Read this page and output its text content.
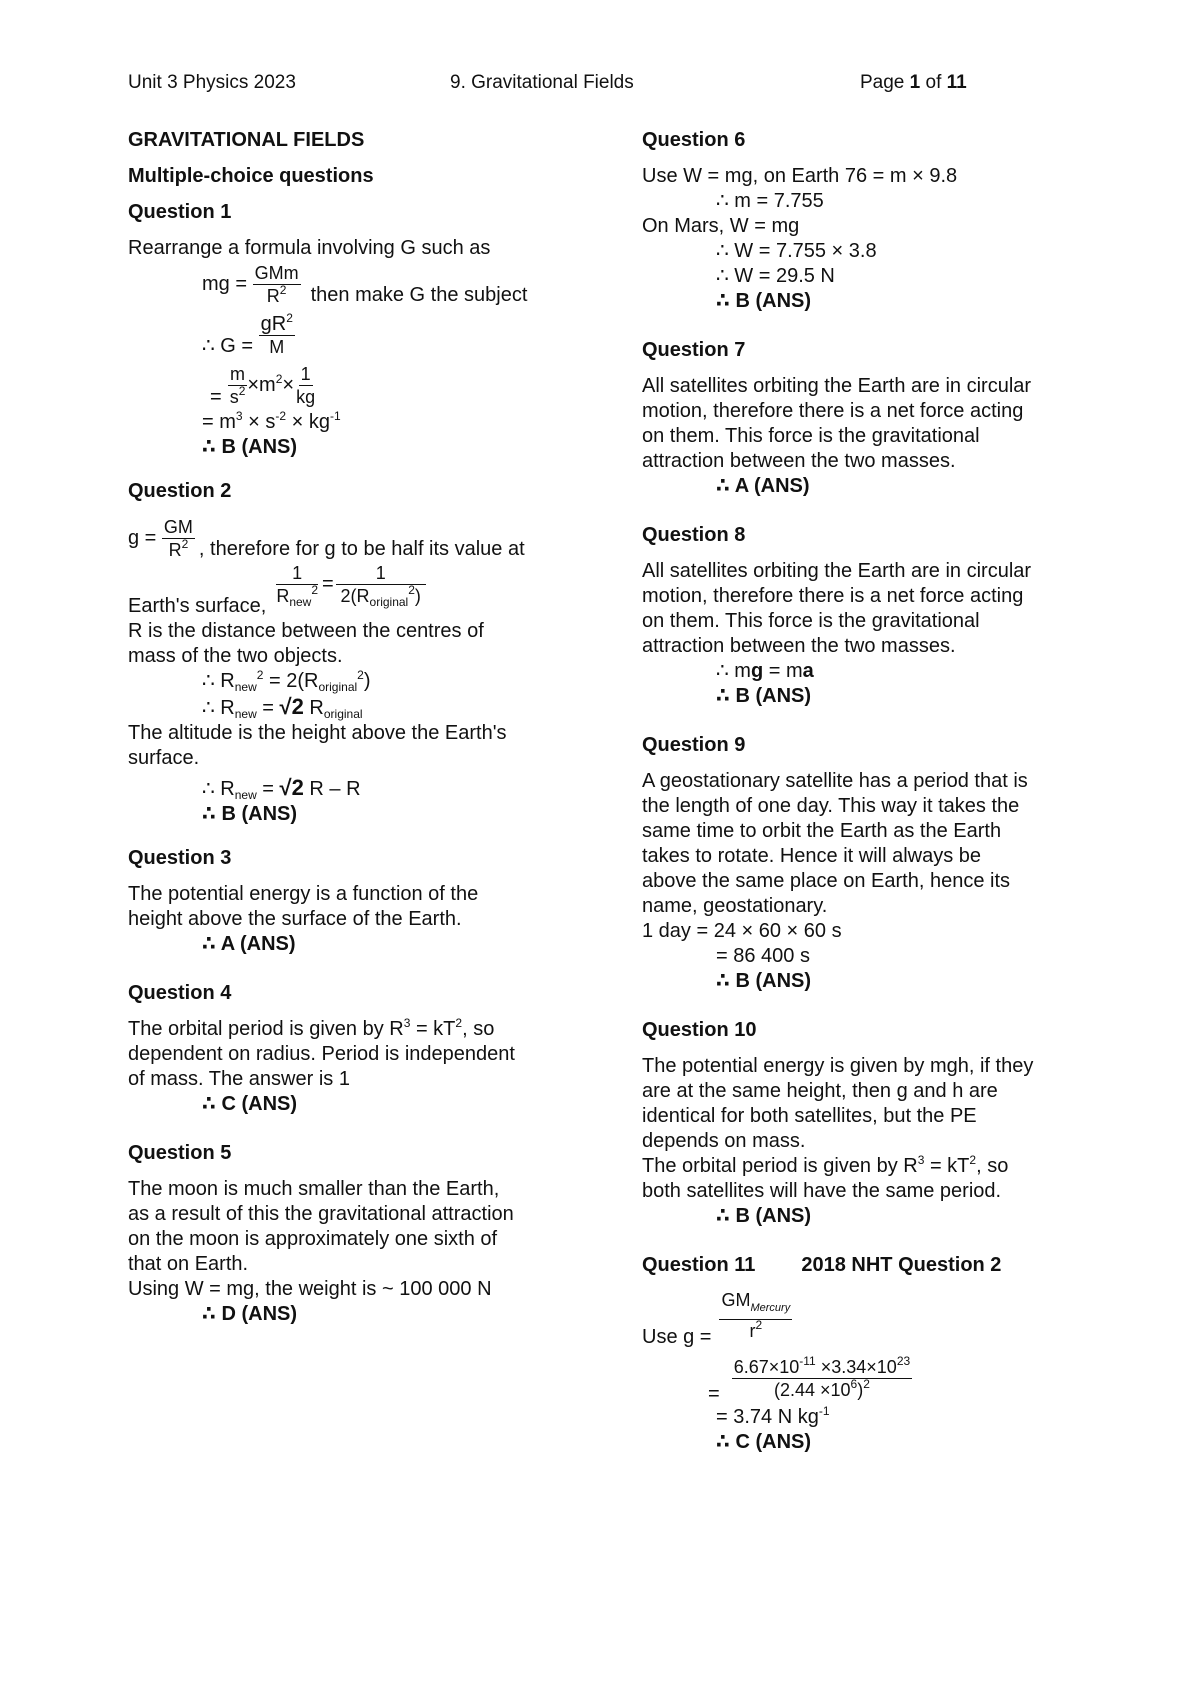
Unit 3 Physics 2023	9. Gravitational Fields	Page 1 of 11
GRAVITATIONAL FIELDS
Multiple-choice questions
Question 1

Rearrange a formula involving G such as

mg =
$\frac{\text{GMm}}{R^2}$ then make G the subject
∴ G =
$\frac{gR^2}{M}$
= $\frac{m}{s^2} \times m^2 \times \frac{1}{kg}$

= $m^3 \times s^{-2} \times kg^{-1}$

∴ B (ANS)
Question 2
g =
$\frac{GM}{R^2}$ , therefore for g to be half its value at
Earth's surface, $\frac{1}{R_{new}^2} = \frac{1}{2(R_{original}^2)}$

R is the distance between the centres of

mass of the two objects.

∴ $R_{new}^2 = 2(R_{original}^2)$

∴ $R_{new} = √2$ $R_{original}$

The altitude is the height above the Earth's

surface.

∴ $R_{new} = √2$ R – R

∴ B (ANS)
Question 3

The potential energy is a function of the

height above the surface of the Earth.

∴ A (ANS)
Question 4

The orbital period is given by $R^3 = kT^2$, so

dependent on radius. Period is independent

of mass. The answer is 1

∴ C (ANS)
Question 5

The moon is much smaller than the Earth,

as a result of this the gravitational attraction

on the moon is approximately one sixth of

that on Earth.

Using W = mg, the weight is ~ 100 000 N

∴ D (ANS)
Question 6

Use W = mg, on Earth 76 = m × 9.8

∴ m = 7.755

On Mars, W = mg

∴ W = 7.755 × 3.8

∴ W = 29.5 N

∴ B (ANS)
Question 7

All satellites orbiting the Earth are in circular

motion, therefore there is a net force acting

on them. This force is the gravitational

attraction between the two masses.

∴ A (ANS)
Question 8

All satellites orbiting the Earth are in circular

motion, therefore there is a net force acting

on them. This force is the gravitational

attraction between the two masses.

∴ mg = ma

∴ B (ANS)
Question 9

A geostationary satellite has a period that is

the length of one day. This way it takes the

same time to orbit the Earth as the Earth

takes to rotate. Hence it will always be

above the same place on Earth, hence its

name, geostationary.

1 day = 24 × 60 × 60 s

= 86 400 s

∴ B (ANS)
Question 10

The potential energy is given by mgh, if they

are at the same height, then g and h are

identical for both satellites, but the PE

depends on mass.

The orbital period is given by $R^3 = kT^2$, so

both satellites will have the same period.

∴ B (ANS)
Question 11 2018 NHT Question 2
Use $g = \frac{GM_{Mercury}}{r^2}$
= $\frac{6.67\times 10^{-11} \times 3.34\times 10^{23}}{(2.44 \times 10^6)^2}$

= 3.74 N $kg^{-1}$

∴ C (ANS)
